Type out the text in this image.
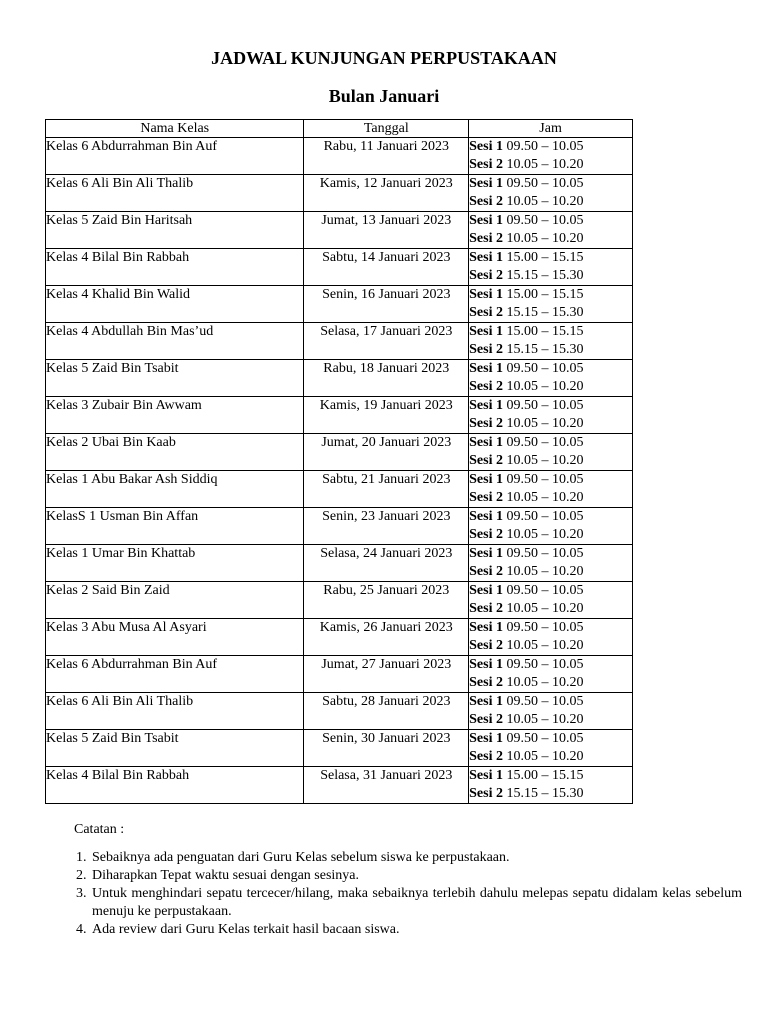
JADWAL KUNJUNGAN PERPUSTAKAAN
Bulan Januari
Nama Kelas	Tanggal	Jam
Kelas 6 Abdurrahman Bin Auf	Rabu, 11 Januari 2023	Sesi 1 09.50 – 10.05
Sesi 2 10.05 – 10.20

Kelas 6 Ali Bin Ali Thalib	Kamis, 12 Januari 2023	Sesi 1 09.50 – 10.05
Sesi 2 10.05 – 10.20

Kelas 5 Zaid Bin Haritsah	Jumat, 13 Januari 2023	Sesi 1 09.50 – 10.05
Sesi 2 10.05 – 10.20

Kelas 4 Bilal Bin Rabbah	Sabtu, 14 Januari 2023	Sesi 1 15.00 – 15.15
Sesi 2 15.15 – 15.30

Kelas 4 Khalid Bin Walid	Senin, 16 Januari 2023	Sesi 1 15.00 – 15.15
Sesi 2 15.15 – 15.30

Kelas 4 Abdullah Bin Mas’ud	Selasa, 17 Januari 2023	Sesi 1 15.00 – 15.15
Sesi 2 15.15 – 15.30

Kelas 5 Zaid Bin Tsabit	Rabu, 18 Januari 2023	Sesi 1 09.50 – 10.05
Sesi 2 10.05 – 10.20

Kelas 3 Zubair Bin Awwam	Kamis, 19 Januari 2023	Sesi 1 09.50 – 10.05
Sesi 2 10.05 – 10.20

Kelas 2 Ubai Bin Kaab	Jumat, 20 Januari 2023	Sesi 1 09.50 – 10.05
Sesi 2 10.05 – 10.20

Kelas 1 Abu Bakar Ash Siddiq	Sabtu, 21 Januari 2023	Sesi 1 09.50 – 10.05
Sesi 2 10.05 – 10.20

KelasS 1 Usman Bin Affan	Senin, 23 Januari 2023	Sesi 1 09.50 – 10.05
Sesi 2 10.05 – 10.20

Kelas 1 Umar Bin Khattab	Selasa, 24 Januari 2023	Sesi 1 09.50 – 10.05
Sesi 2 10.05 – 10.20

Kelas 2 Said Bin Zaid	Rabu, 25 Januari 2023	Sesi 1 09.50 – 10.05
Sesi 2 10.05 – 10.20

Kelas 3 Abu Musa Al Asyari	Kamis, 26 Januari 2023	Sesi 1 09.50 – 10.05
Sesi 2 10.05 – 10.20

Kelas 6 Abdurrahman Bin Auf	Jumat, 27 Januari 2023	Sesi 1 09.50 – 10.05
Sesi 2 10.05 – 10.20

Kelas 6 Ali Bin Ali Thalib	Sabtu, 28 Januari 2023	Sesi 1 09.50 – 10.05
Sesi 2 10.05 – 10.20

Kelas 5 Zaid Bin Tsabit	Senin, 30 Januari 2023	Sesi 1 09.50 – 10.05
Sesi 2 10.05 – 10.20

Kelas 4 Bilal Bin Rabbah	Selasa, 31 Januari 2023	Sesi 1 15.00 – 15.15
Sesi 2 15.15 – 15.30

Catatan :

1. Sebaiknya ada penguatan dari Guru Kelas sebelum siswa ke perpustakaan.
2. Diharapkan Tepat waktu sesuai dengan sesinya.
3. Untuk menghindari sepatu tercecer/hilang, maka sebaiknya terlebih dahulu melepas sepatu didalam kelas sebelum menuju ke perpustakaan.
4. Ada review dari Guru Kelas terkait hasil bacaan siswa.
